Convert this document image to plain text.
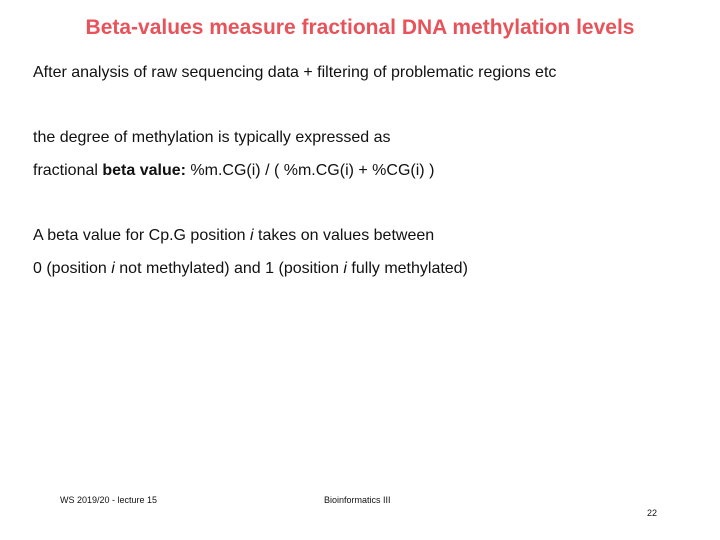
Beta-values measure fractional DNA methylation levels
After analysis of raw sequencing data + filtering of problematic regions etc
the degree of methylation is typically expressed as
fractional beta value: %m.CG(i) / ( %m.CG(i) + %CG(i) )
A beta value for Cp.G position i takes on values between
0 (position i not methylated) and 1 (position i fully methylated)
WS 2019/20 - lecture 15	Bioinformatics III
22
